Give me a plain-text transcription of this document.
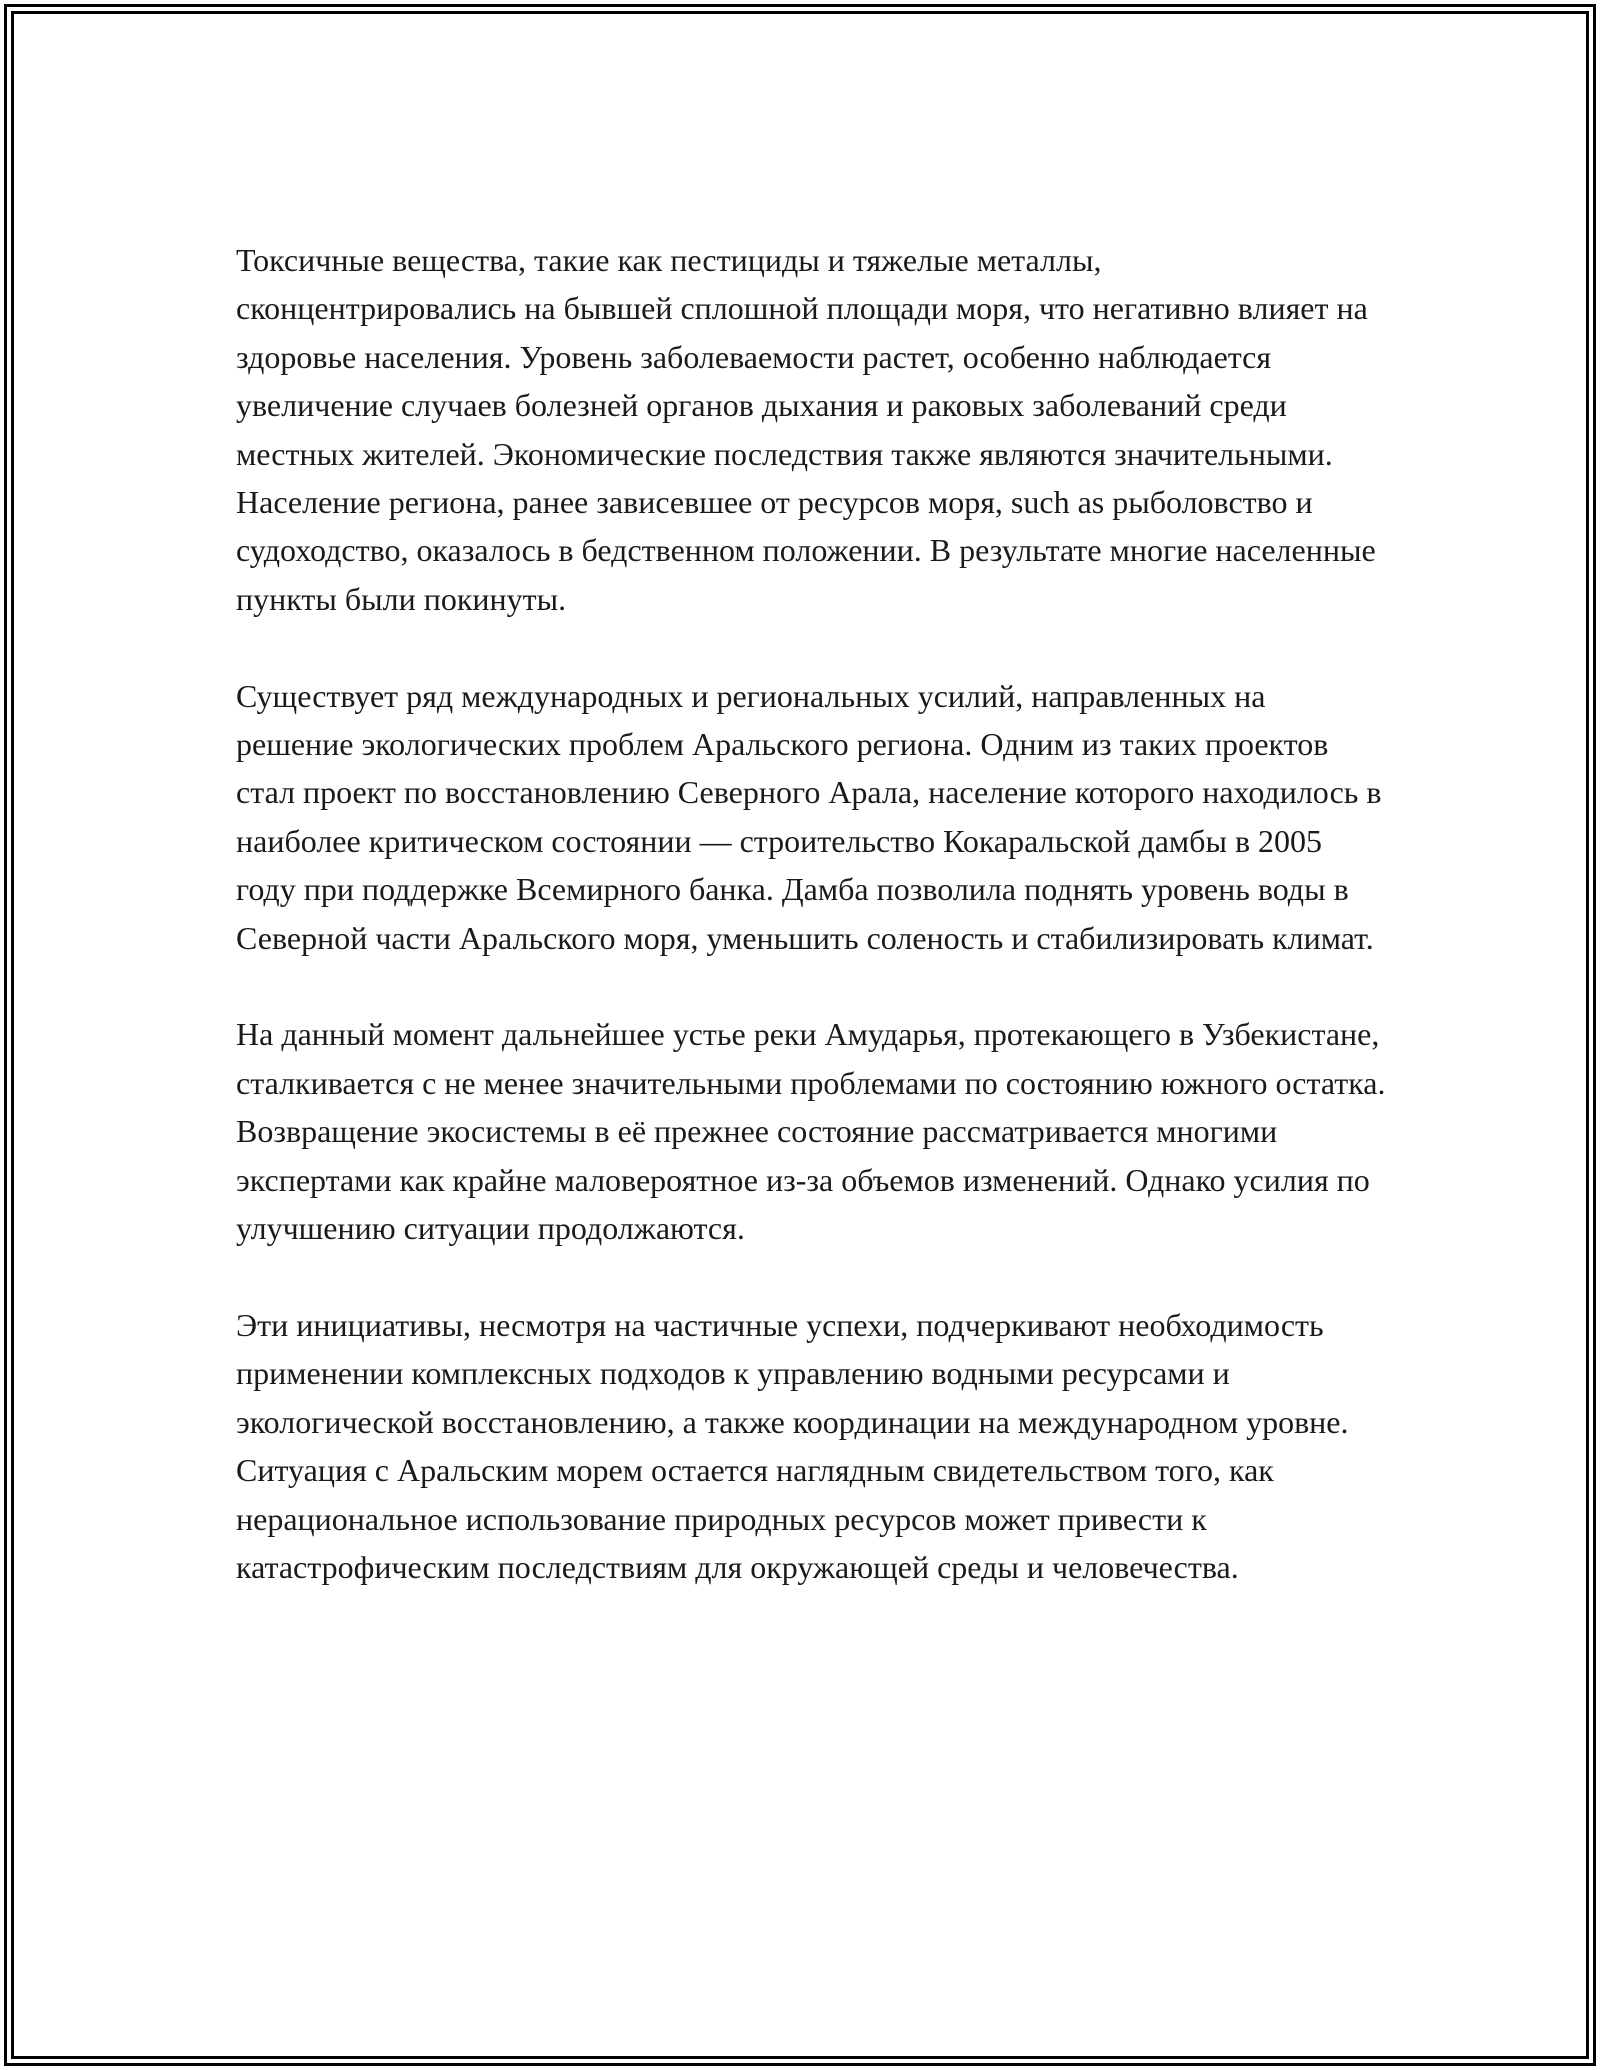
Токсичные вещества, такие как пестициды и тяжелые металлы, сконцентрировались на бывшей сплошной площади моря, что негативно влияет на здоровье населения. Уровень заболеваемости растет, особенно наблюдается увеличение случаев болезней органов дыхания и раковых заболеваний среди местных жителей. Экономические последствия также являются значительными. Население региона, ранее зависевшее от ресурсов моря, such as рыболовство и судоходство, оказалось в бедственном положении. В результате многие населенные пункты были покинуты.

Существует ряд международных и региональных усилий, направленных на решение экологических проблем Аральского региона. Одним из таких проектов стал проект по восстановлению Северного Арала, население которого находилось в наиболее критическом состоянии — строительство Кокаральской дамбы в 2005 году при поддержке Всемирного банка. Дамба позволила поднять уровень воды в Северной части Аральского моря, уменьшить соленость и стабилизировать климат.

На данный момент дальнейшее устье реки Амударья, протекающего в Узбекистане, сталкивается с не менее значительными проблемами по состоянию южного остатка. Возвращение экосистемы в её прежнее состояние рассматривается многими экспертами как крайне маловероятное из-за объемов изменений. Однако усилия по улучшению ситуации продолжаются.

Эти инициативы, несмотря на частичные успехи, подчеркивают необходимость применении комплексных подходов к управлению водными ресурсами и экологической восстановлению, а также координации на международном уровне. Ситуация с Аральским морем остается наглядным свидетельством того, как нерациональное использование природных ресурсов может привести к катастрофическим последствиям для окружающей среды и человечества.
